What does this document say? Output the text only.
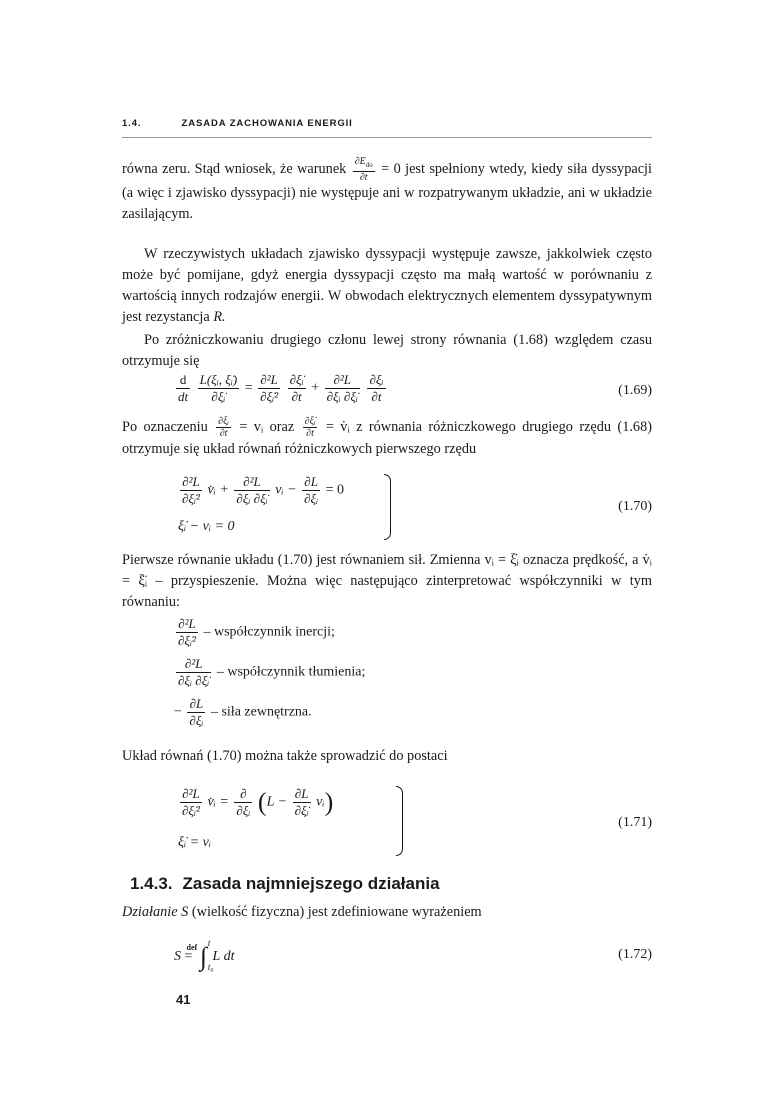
1.4.	ZASADA ZACHOWANIA ENERGII
równa zeru. Stąd wniosek, że warunek $\frac{\partial E_{do}}{\partial t} = 0$ jest spełniony wtedy, kiedy siła dyssypacji (a więc i zjawisko dyssypacji) nie występuje ani w rozpatrywanym układzie, ani w układzie zasilającym.
W rzeczywistych układach zjawisko dyssypacji występuje zawsze, jakkolwiek często może być pomijane, gdyż energia dyssypacji często ma małą wartość w porównaniu z wartością innych rodzajów energii. W obwodach elektrycznych elementem dyssypatywnym jest rezystancja R.
Po zróżniczkowaniu drugiego członu lewej strony równania (1.68) względem czasu otrzymuje się
$\frac{d}{dt}$
$\frac{\text{L(ξᵢ, ξ̇ᵢ)}}{\text{∂ξ̇ᵢ}} = \frac{\text{∂²L}}{\text{∂ξ̇ᵢ²}}$
$\frac{\text{∂ξ̇ᵢ}}{\partial t} + \frac{\text{∂²L}}{\text{∂ξᵢ ∂ξ̇ᵢ}}$
$\frac{\text{∂ξᵢ}}{\partial t}$	(1.69)
Po oznaczeniu $\frac{\text{∂ξᵢ}}{\partial t}$ = vᵢ oraz $\frac{\text{∂ξ̇ᵢ}}{\partial t}$ = v̇ᵢ z równania różniczkowego drugiego rzędu (1.68) otrzymuje się układ równań różniczkowych pierwszego rzędu
$\frac{\text{∂²L}}{\text{∂ξ̇ᵢ²}}$ v̇ᵢ + $\frac{\text{∂²L}}{\text{∂ξᵢ ∂ξ̇ᵢ}}$ vᵢ − $\frac{\partial L}{\text{∂ξᵢ}} = 0$
ξ̇ᵢ − vᵢ = 0
(1.70)
Pierwsze równanie układu (1.70) jest równaniem sił. Zmienna vᵢ = ξ̇ᵢ oznacza prędkość, a v̇ᵢ = ξ̈ᵢ – przyspieszenie. Można więc następująco zinterpretować współczynniki w tym równaniu:
$\frac{\text{∂²L}}{\text{∂ξ̇ᵢ²}}$ – współczynnik inercji;
$\frac{\text{∂²L}}{\text{∂ξᵢ ∂ξ̇ᵢ}}$ – współczynnik tłumienia;
− $\frac{\partial L}{\text{∂ξᵢ}}$ – siła zewnętrzna.
Układ równań (1.70) można także sprowadzić do postaci
$\frac{\text{∂²L}}{\text{∂ξ̇ᵢ²}}$ v̇ᵢ = $\frac{\partial}{\text{∂ξᵢ}} (L - \frac{\partial L}{\text{∂ξ̇ᵢ}}$ vᵢ)
ξ̇ᵢ = vᵢ
(1.71)
1.4.3. Zasada najmniejszego działania
Działanie S (wielkość fizyczna) jest zdefiniowane wyrażeniem
S
def
= ∫ t
t₀
L dt	(1.72)
41
